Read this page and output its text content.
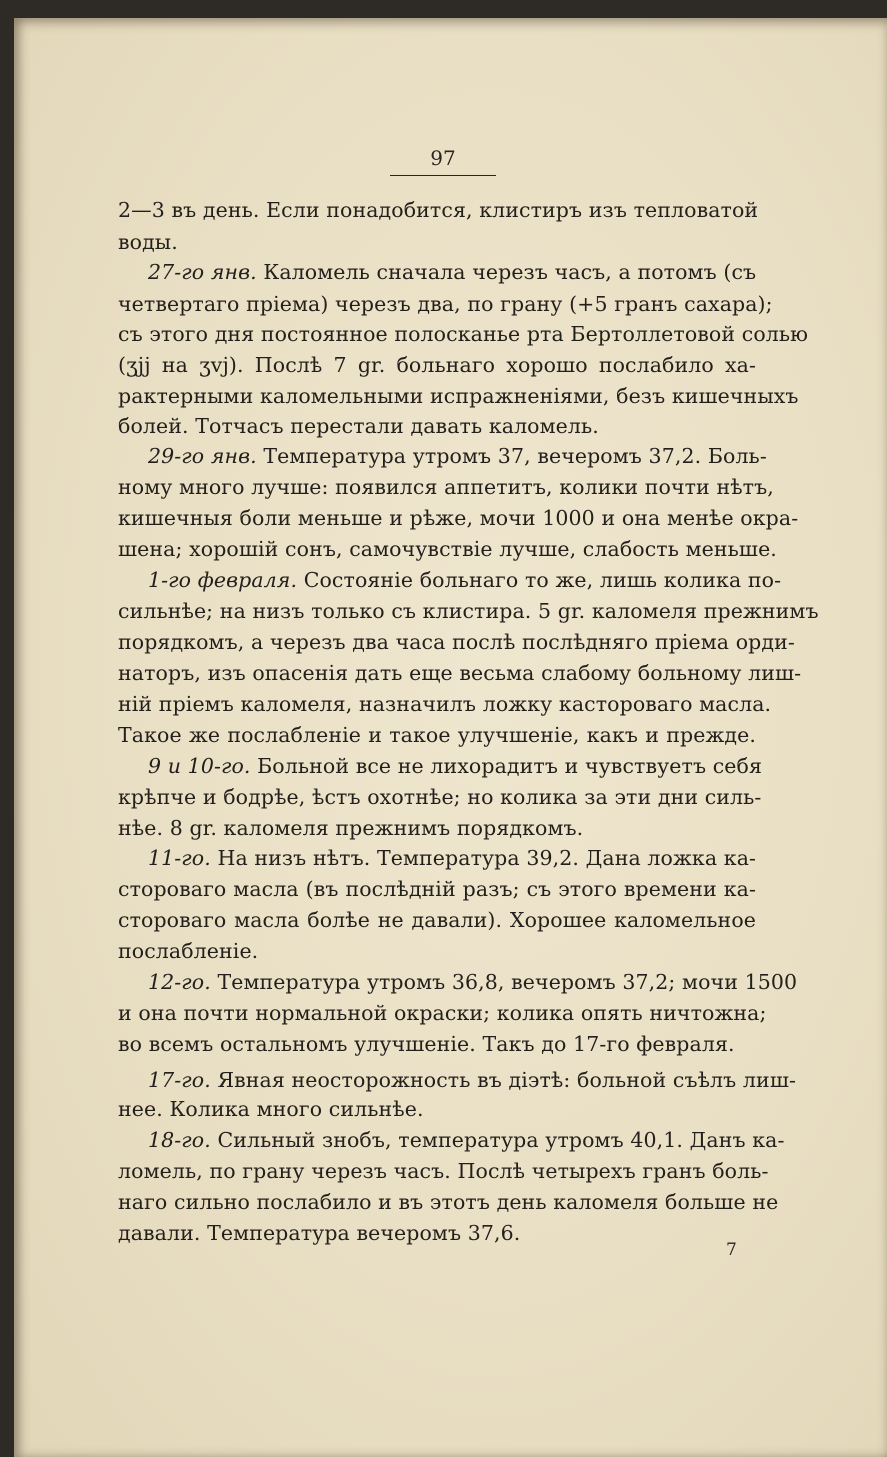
97
2—3 въ день. Если понадобится, клистиръ изъ тепловатой
воды.
27-го янв. Каломель сначала черезъ часъ, а потомъ (съ
четвертаго пріема) черезъ два, по грану (+5 гранъ сахара);
съ этого дня постоянное полосканье рта Бертоллетовой солью
(ʒjj на ʒvj). Послѣ 7 gr. больнаго хорошо послабило ха-
рактерными каломельными испражненіями, безъ кишечныхъ
болей. Тотчасъ перестали давать каломель.
29-го янв. Температура утромъ 37, вечеромъ 37,2. Боль-
ному много лучше: появился аппетитъ, колики почти нѣтъ,
кишечныя боли меньше и рѣже, мочи 1000 и она менѣе окра-
шена; хорошій сонъ, самочувствіе лучше, слабость меньше.
1-го февраля. Состояніе больнаго то же, лишь колика по-
сильнѣе; на низъ только съ клистира. 5 gr. каломеля прежнимъ
порядкомъ, а черезъ два часа послѣ послѣдняго пріема орди-
наторъ, изъ опасенія дать еще весьма слабому больному лиш-
ній пріемъ каломеля, назначилъ ложку касторовaго масла.
Такое же послабленіе и такое улучшеніе, какъ и прежде.
9 и 10-го. Больной все не лихорадитъ и чувствуетъ себя
крѣпче и бодрѣе, ѣстъ охотнѣе; но колика за эти дни силь-
нѣе. 8 gr. каломеля прежнимъ порядкомъ.
11-го. На низъ нѣтъ. Температура 39,2. Дана ложка ка-
сторовaго масла (въ послѣдній разъ; съ этого времени ка-
сторовaго масла болѣе не давали). Хорошее каломельное
послабленіе.
12-го. Температура утромъ 36,8, вечеромъ 37,2; мочи 1500
и она почти нормальной окраски; колика опять ничтожна;
во всемъ остальномъ улучшеніе. Такъ до 17-го февраля.
17-го. Явная неосторожность въ діэтѣ: больной съѣлъ лиш-
нее. Колика много сильнѣе.
18-го. Сильный знобъ, температура утромъ 40,1. Данъ ка-
ломель, по грану черезъ часъ. Послѣ четырехъ гранъ боль-
наго сильно послабило и въ этотъ день каломеля больше не
давали. Температура вечеромъ 37,6.
7
